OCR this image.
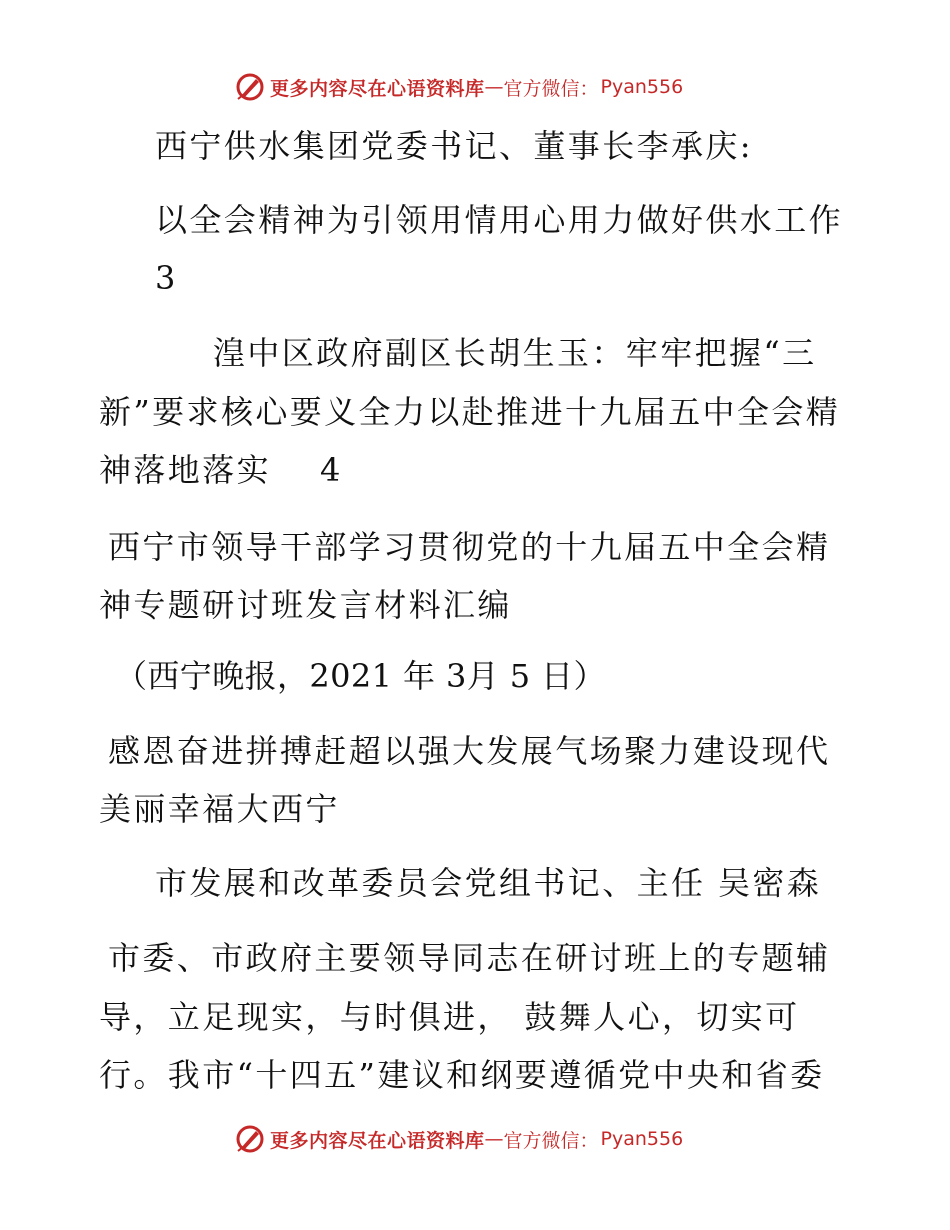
更多内容尽在心语资料库 — 官方微信： Pyan556
西宁供水集团党委书记、董事长李承庆:
以全会精神为引领用情用心用力做好供水工作
3
湟中区政府副区长胡生玉：牢牢把握“三
新”要求核心要义全力以赴推进十九届五中全会精
神落地落实 4
西宁市领导干部学习贯彻党的十九届五中全会精
神专题研讨班发言材料汇编
（西宁晚报，2021 年 3月 5 日）
感恩奋进拼搏赶超以强大发展气场聚力建设现代
美丽幸福大西宁
市发展和改革委员会党组书记、主任 吴密森
市委、市政府主要领导同志在研讨班上的专题辅
导，立足现实，与时俱进， 鼓舞人心，切实可
行。我市“十四五”建议和纲要遵循党中央和省委
更多内容尽在心语资料库 — 官方微信： Pyan556
